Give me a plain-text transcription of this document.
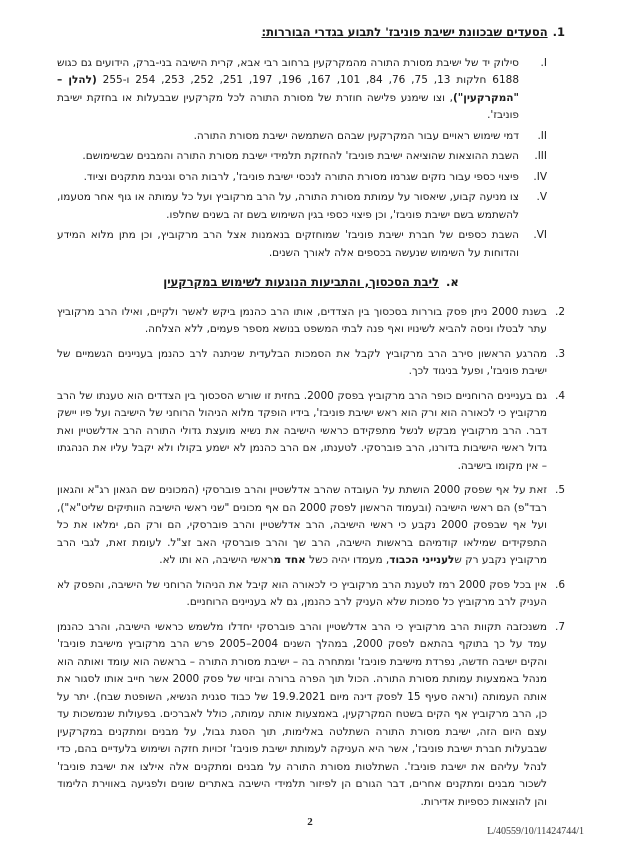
1.
הסעדים שבכוונת ישיבת פוניבז' לתבוע בגדרי הבוררות:
I.
סילוק יד של ישיבת מסורת התורה מהמקרקעין ברחוב רבי אבא, קרית הישיבה בני-ברק, הידועים גם כגוש 6188 חלקות 13, 75, 76, 84, 101, 167, 196, 197, 251, 252, 253, 254 ו-255 (להלן – "המקרקעין"), וצו שימנע פלישה חוזרת של מסורת התורה לכל מקרקעין שבבעלות או בחזקת ישיבת פוניבז'.
II.
דמי שימוש ראויים עבור המקרקעין שבהם השתמשה ישיבת מסורת התורה.
III.
השבת ההוצאות שהוציאה ישיבת פוניבז' להחזקת תלמידי ישיבת מסורת התורה והמבנים שבשימושם.
IV.
פיצוי כספי עבור נזקים שגרמו מסורת התורה לנכסי ישיבת פוניבז', לרבות הרס וגניבת מתקנים וציוד.
V.
צו מניעה קבוע, שיאסור על עמותת מסורת התורה, על הרב מרקוביץ ועל כל עמותה או גוף אחר מטעמו, להשתמש בשם ישיבת פוניבז', וכן פיצוי כספי בגין השימוש בשם זה בשנים שחלפו.
VI.
השבת כספים של חברת ישיבת פוניבז' שמוחזקים בנאמנות אצל הרב מרקוביץ, וכן מתן מלוא המידע והדוחות על השימוש שנעשה בכספים אלה לאורך השנים.
א.ליבת הסכסוך, והתביעות הנוגעות לשימוש במקרקעין
2.
בשנת 2000 ניתן פסק בוררות בסכסוך בין הצדדים, אותו הרב כהנמן ביקש לאשר ולקיים, ואילו הרב מרקוביץ עתר לבטלו וניסה להביא לשינויו ואף פנה לבתי המשפט בנושא מספר פעמים, ללא הצלחה.
3.
מהרגע הראשון סירב הרב מרקוביץ לקבל את הסמכות הבלעדית שניתנה לרב כהנמן בעניינים הגשמיים של ישיבת פוניבז', ופעל בניגוד לכך.
4.
גם בעניינים הרוחניים כופר הרב מרקוביץ בפסק 2000. בחזית זו שורש הסכסוך בין הצדדים הוא טענתו של הרב מרקוביץ כי לכאורה הוא ורק הוא ראש ישיבת פוניבז', בידיו הופקד מלוא הניהול הרוחני של הישיבה ועל פיו יישק דבר. הרב מרקוביץ מבקש לנשל מתפקידם כראשי הישיבה את נשיא מועצת גדולי התורה הרב אדלשטיין ואת גדול ראשי הישיבות בדורנו, הרב פוברסקי. לטענתו, אם הרב כהנמן לא ישמע בקולו ולא יקבל עליו את הנהגתו – אין מקומו בישיבה.
5.
זאת על אף שפסק 2000 הושתת על העובדה שהרב אדלשטיין והרב פוברסקי (המכונים שם הגאון רג"א והגאון רבד"פ) הם ראשי הישיבה (ובעמוד הראשון לפסק 2000 הם אף מכונים "שני ראשי הישיבה הוותיקים שליט"א"), ועל אף שבפסק 2000 נקבע כי ראשי הישיבה, הרב אדלשטיין והרב פוברסקי, הם ורק הם, ימלאו את כל התפקידים שמילאו קודמיהם בראשות הישיבה, הרב שך והרב פוברסקי האב זצ"ל. לעומת זאת, לגבי הרב מרקוביץ נקבע רק שלענייני הכבוד, מעמדו יהיה כשל אחד מראשי הישיבה, הא ותו לא.
6.
אין בכל פסק 2000 רמז לטענת הרב מרקוביץ כי לכאורה הוא קיבל את הניהול הרוחני של הישיבה, והפסק לא העניק לרב מרקוביץ כל סמכות שלא העניק לרב כהנמן, גם לא בעניינים הרוחניים.
7.
משנכזבה תקוות הרב מרקוביץ כי הרב אדלשטיין והרב פוברסקי יחדלו מלשמש כראשי הישיבה, והרב כהנמן עמד על כך בתוקף בהתאם לפסק 2000, במהלך השנים 2004–2005 פרש הרב מרקוביץ מישיבת פוניבז' והקים ישיבה חדשה, נפרדת מישיבת פוניבז' ומתחרה בה – ישיבת מסורת התורה – בראשה הוא עומד ואותה הוא מנהל באמצעות עמותת מסורת התורה. הכול תוך הפרה ברורה וביזוי של פסק 2000 אשר חייב אותו לסגור את אותה העמותה (וראה סעיף 15 לפסק דינה מיום 19.9.2021 של כבוד סגנית הנשיא, השופטת שבח). יתר על כן, הרב מרקוביץ אף הקים בשטח המקרקעין, באמצעות אותה עמותה, כולל לאברכים. בפעולות שנמשכות עד עצם היום הזה, ישיבת מסורת התורה השתלטה באלימות, תוך הסגת גבול, על מבנים ומתקנים במקרקעין שבבעלות חברת ישיבת פוניבז', אשר היא העניקה לעמותת ישיבת פוניבז' זכויות חזקה ושימוש בלעדיים בהם, כדי לנהל עליהם את ישיבת פוניבז'. השתלטות מסורת התורה על מבנים ומתקנים אלה אילצו את ישיבת פוניבז' לשכור מבנים ומתקנים אחרים, דבר הגורם הן לפיזור תלמידי הישיבה באתרים שונים ולפגיעה באווירת הלימוד והן להוצאות כספיות אדירות.
2
L/40559/10/11424744/1
